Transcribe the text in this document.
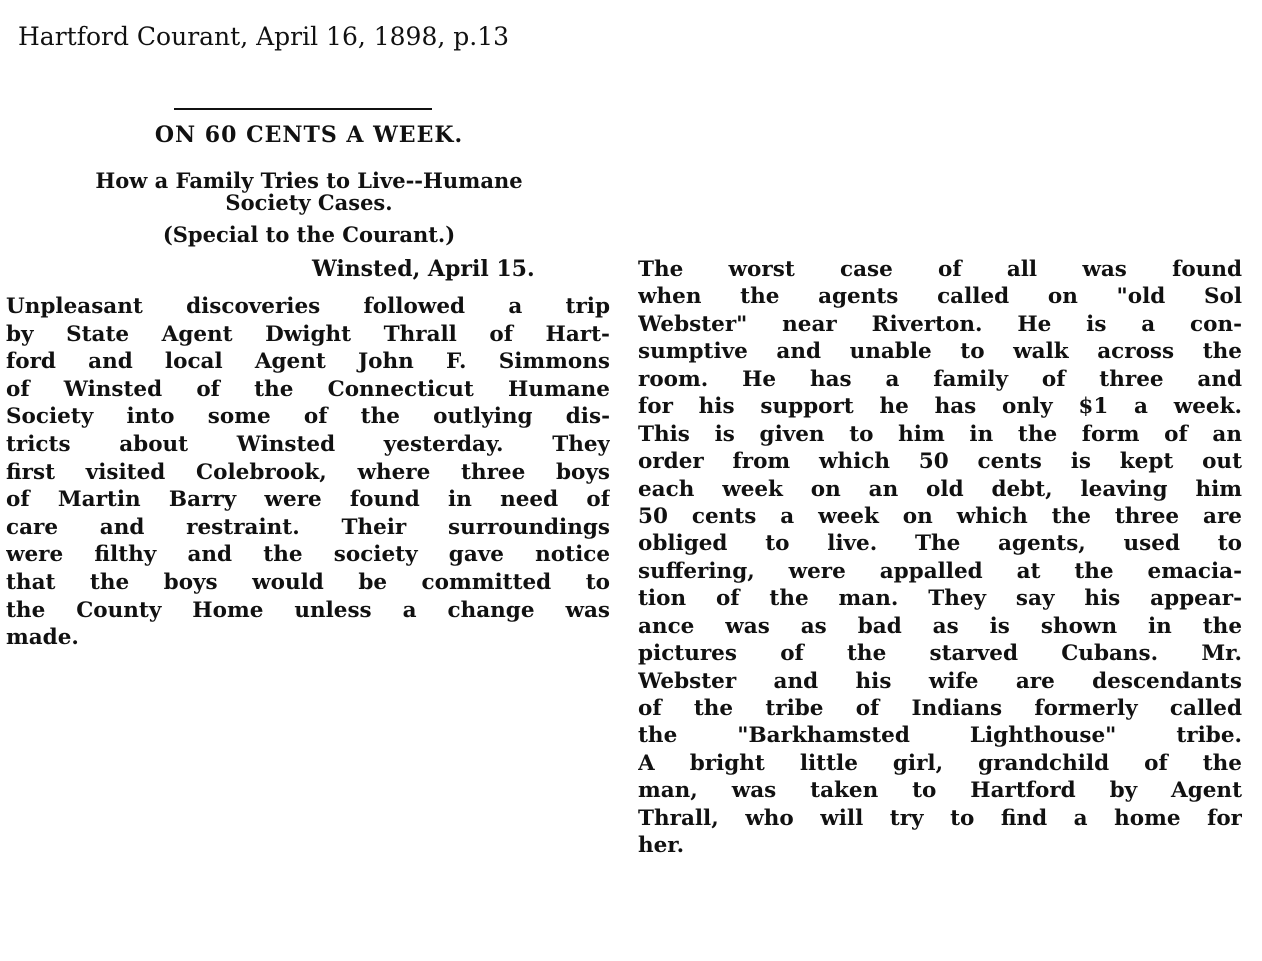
Hartford Courant, April 16, 1898, p.13
ON 60 CENTS A WEEK.
How a Family Tries to Live--Humane
Society Cases.
(Special to the Courant.)
Winsted, April 15.
Unpleasant discoveries followed a trip
by State Agent Dwight Thrall of Hart-
ford and local Agent John F. Simmons
of Winsted of the Connecticut Humane
Society into some of the outlying dis-
tricts about Winsted yesterday. They
first visited Colebrook, where three boys
of Martin Barry were found in need of
care and restraint. Their surroundings
were filthy and the society gave notice
that the boys would be committed to
the County Home unless a change was
made.
The worst case of all was found
when the agents called on "old Sol
Webster" near Riverton. He is a con-
sumptive and unable to walk across the
room. He has a family of three and
for his support he has only $1 a week.
This is given to him in the form of an
order from which 50 cents is kept out
each week on an old debt, leaving him
50 cents a week on which the three are
obliged to live. The agents, used to
suffering, were appalled at the emacia-
tion of the man. They say his appear-
ance was as bad as is shown in the
pictures of the starved Cubans. Mr.
Webster and his wife are descendants
of the tribe of Indians formerly called
the "Barkhamsted Lighthouse" tribe.
A bright little girl, grandchild of the
man, was taken to Hartford by Agent
Thrall, who will try to find a home for
her.
